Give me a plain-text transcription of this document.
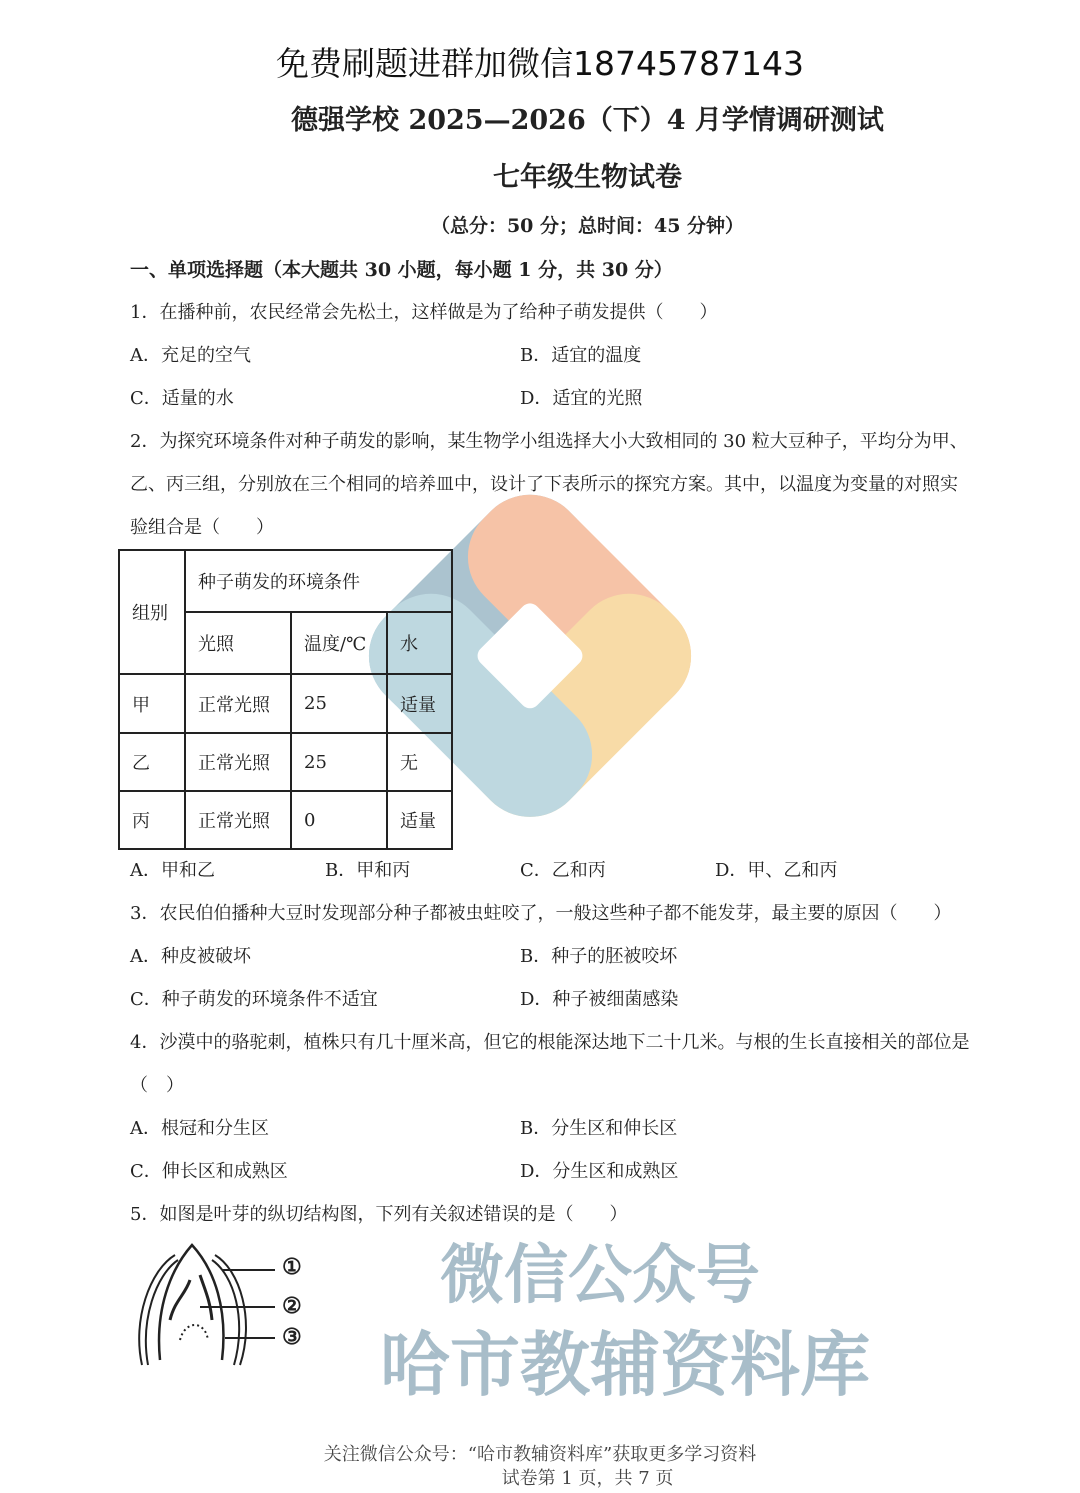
免费刷题进群加微信18745787143
德强学校 2025—2026（下）4 月学情调研测试
七年级生物试卷
（总分：50 分；总时间：45 分钟）
一、单项选择题（本大题共 30 小题，每小题 1 分，共 30 分）
1．在播种前，农民经常会先松土，这样做是为了给种子萌发提供（　　）
A．充足的空气	B．适宜的温度
C．适量的水	D．适宜的光照
2．为探究环境条件对种子萌发的影响，某生物学小组选择大小大致相同的 30 粒大豆种子，平均分为甲、
乙、丙三组，分别放在三个相同的培养皿中，设计了下表所示的探究方案。其中，以温度为变量的对照实
验组合是（　　）
组别	种子萌发的环境条件		
	光照	温度/℃	水
甲	正常光照	25	适量
乙	正常光照	25	无
丙	正常光照	0	适量
A．甲和乙	B．甲和丙	C．乙和丙	D．甲、乙和丙
3．农民伯伯播种大豆时发现部分种子都被虫蛀咬了，一般这些种子都不能发芽，最主要的原因（　　）
A．种皮被破坏	B．种子的胚被咬坏
C．种子萌发的环境条件不适宜	D．种子被细菌感染
4．沙漠中的骆驼刺，植株只有几十厘米高，但它的根能深达地下二十几米。与根的生长直接相关的部位是
（　）
A．根冠和分生区	B．分生区和伸长区
C．伸长区和成熟区	D．分生区和成熟区
5．如图是叶芽的纵切结构图，下列有关叙述错误的是（　　）
①
②
③
微信公众号
哈市教辅资料库
关注微信公众号：“哈市教辅资料库”获取更多学习资料
试卷第 1 页，共 7 页
